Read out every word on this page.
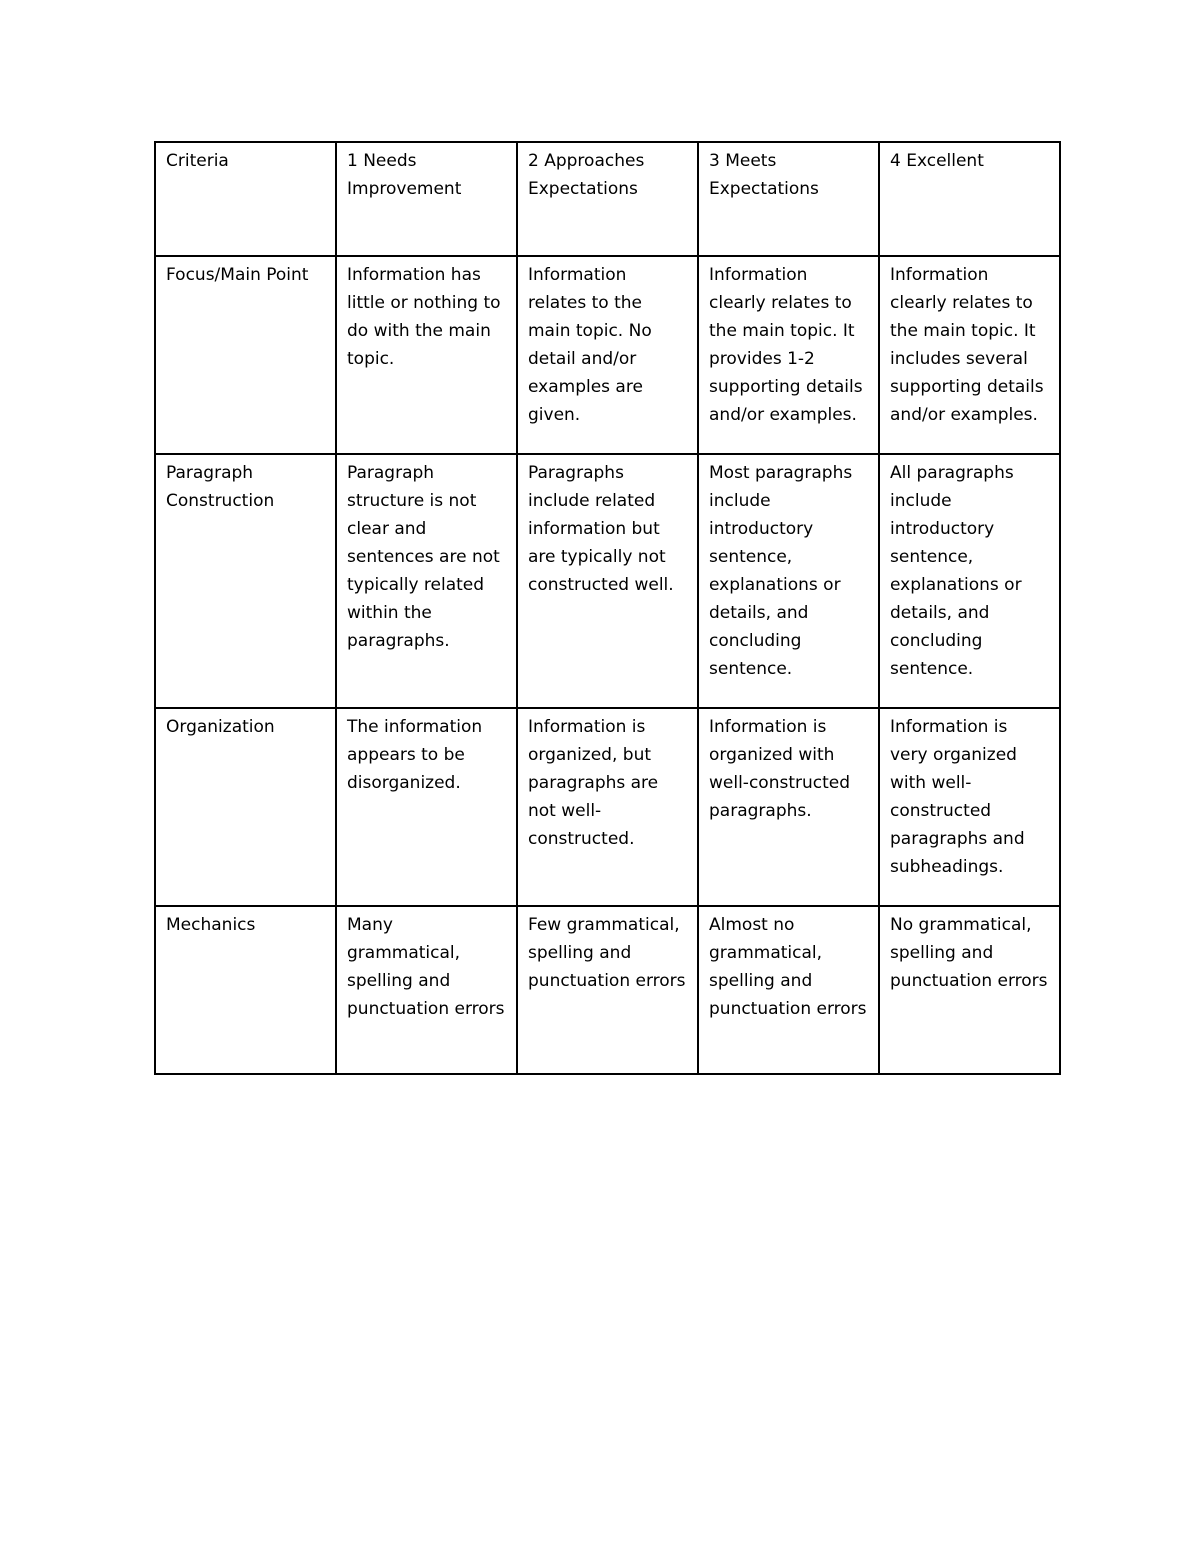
Criteria	1 Needs Improvement	2 Approaches Expectations	3 Meets Expectations	4 Excellent
Focus/Main Point	Information has little or nothing to do with the main topic.	Information relates to the main topic. No detail and/or examples are given.	Information clearly relates to the main topic. It provides 1-2 supporting details and/or examples.	Information clearly relates to the main topic. It includes several supporting details and/or examples.
Paragraph Construction	Paragraph structure is not clear and sentences are not typically related within the paragraphs.	Paragraphs include related information but are typically not constructed well.	Most paragraphs include introductory sentence, explanations or details, and concluding sentence.	All paragraphs include introductory sentence, explanations or details, and concluding sentence.
Organization	The information appears to be disorganized.	Information is organized, but paragraphs are not well-constructed.	Information is organized with well-constructed paragraphs.	Information is very organized with well-constructed paragraphs and subheadings.
Mechanics	Many grammatical, spelling and punctuation errors	Few grammatical, spelling and punctuation errors	Almost no grammatical, spelling and punctuation errors	No grammatical, spelling and punctuation errors
